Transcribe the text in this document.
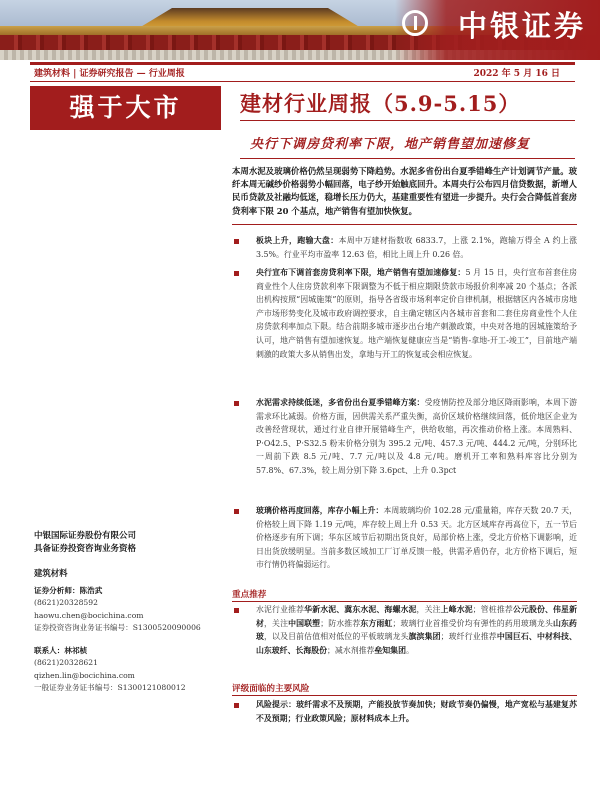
中银证券
建筑材料 | 证券研究报告 — 行业周报	2022 年 5 月 16 日
强于大市
中银国际证券股份有限公司
具备证券投资咨询业务资格
建筑材料
证券分析师：陈浩武
(8621)20328592
haowu.chen@bocichina.com
证券投资咨询业务证书编号：S1300520090006
联系人：林祁桢
(8621)20328621
qizhen.lin@bocichina.com
一般证券业务证书编号：S1300121080012
建材行业周报（5.9-5.15）
央行下调房贷利率下限，地产销售望加速修复
本周水泥及玻璃价格仍然呈现弱势下降趋势。水泥多省份出台夏季错峰生产计划调节产量。玻纤本周无碱纱价格弱势小幅回落，电子纱开始触底回升。本周央行公布四月信贷数据，新增人民币贷款及社融均低迷，稳增长压力仍大，基建重要性有望进一步提升。央行会合降低首套房贷利率下限 20 个基点，地产销售有望加快恢复。
板块上升，跑输大盘：本周中万建材指数收 6833.7，上涨 2.1%，跑输万得全 A 约上涨 3.5%。行业平均市盈率 12.63 倍，相比上周上升 0.26 倍。
央行宣布下调首套房贷利率下限，地产销售有望加速修复：5 月 15 日，央行宣布首套住房商业性个人住房贷款利率下限调整为不低于相应期限贷款市场报价利率减 20 个基点；各派出机构按照“因城施策”的原则，指导各省级市场利率定价自律机制，根据辖区内各城市房地产市场形势变化及城市政府调控要求，自主确定辖区内各城市首套和二套住房商业性个人住房贷款利率加点下限。结合前期多城市逐步出台地产刺激政策，中央对各地的因城施策给予认可，地产销售有望加速恢复。地产端恢复健康应当是“销售-拿地-开工-竣工”，目前地产端刺激的政策大多从销售出发，拿地与开工的恢复或会相应恢复。
水泥需求持续低迷，多省份出台夏季错峰方案：受疫情防控及部分地区降雨影响，本周下游需求环比减弱。价格方面，因供需关系严重失衡，高价区域价格继续回落，低价地区企业为改善经营现状，通过行业自律开展错峰生产，供给收缩，再次推动价格上涨。本周熟料、P·O42.5、P·S32.5 粉末价格分别为 395.2 元/吨、457.3 元/吨、444.2 元/吨，分别环比一周前下跌 8.5 元/吨、7.7 元/吨以及 4.8 元/吨。磨机开工率和熟料库容比分别为 57.8%、67.3%，较上周分别下降 3.6pct、上升 0.3pct
玻璃价格再度回落，库存小幅上升：本周玻璃均价 102.28 元/重量箱，库存天数 20.7 天，价格较上周下降 1.19 元/吨，库存较上周上升 0.53 天。北方区域库存再高位下，五一节后价格逐步有所下调；华东区域节后初期出货良好，局部价格上涨，受北方价格下调影响，近日出货放缓明显。当前多数区域加工厂订单反馈一般，供需矛盾仍存，北方价格下调后，短市行情仍将偏弱运行。
重点推荐
水泥行业推荐华新水泥、冀东水泥、海螺水泥，关注上峰水泥；管桩推荐公元股份、伟星新材，关注中国联塑；防水推荐东方雨虹；玻璃行业首推受价均有弹性的药用玻璃龙头山东药玻，以及目前估值相对低位的平板玻璃龙头旗滨集团；玻纤行业推荐中国巨石、中材科技、山东玻纤、长海股份；减水剂推荐垒知集团。
评级面临的主要风险
风险提示：玻纤需求不及预期，产能投放节奏加快；财政节奏仍偏慢，地产宽松与基建复苏不及预期；行业政策风险；原材料成本上升。
